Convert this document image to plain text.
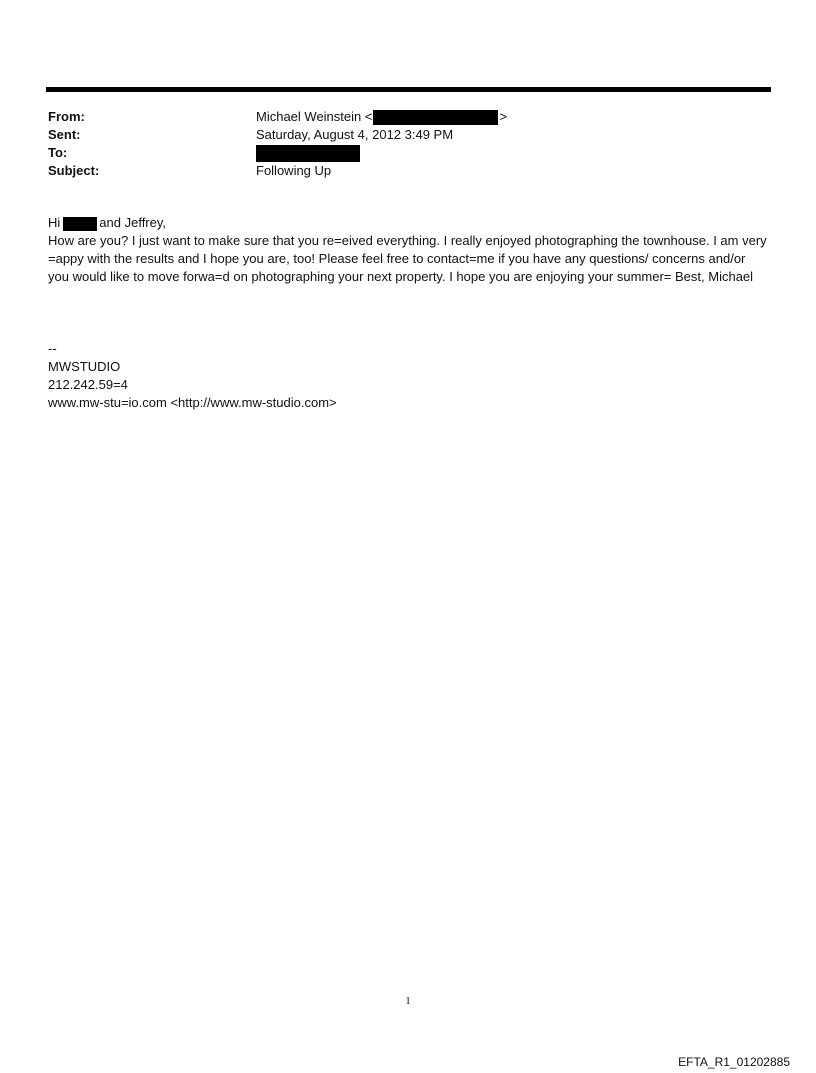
From:	Michael Weinstein <	>
Sent:	Saturday, August 4, 2012 3:49 PM
To:
Subject:	Following Up
Hi	and Jeffrey,

How are you? I just want to make sure that you re=eived everything. I really enjoyed photographing the townhouse. I am very =appy with the results and I hope you are, too! Please feel free to contact=me if you have any questions/ concerns and/or you would like to move forwa=d on photographing your next property. I hope you are enjoying your summer= Best, Michael

--
MWSTUDIO
212.242.59=4
www.mw-stu=io.com <http://www.mw-studio.com>
1
EFTA_R1_01202885
